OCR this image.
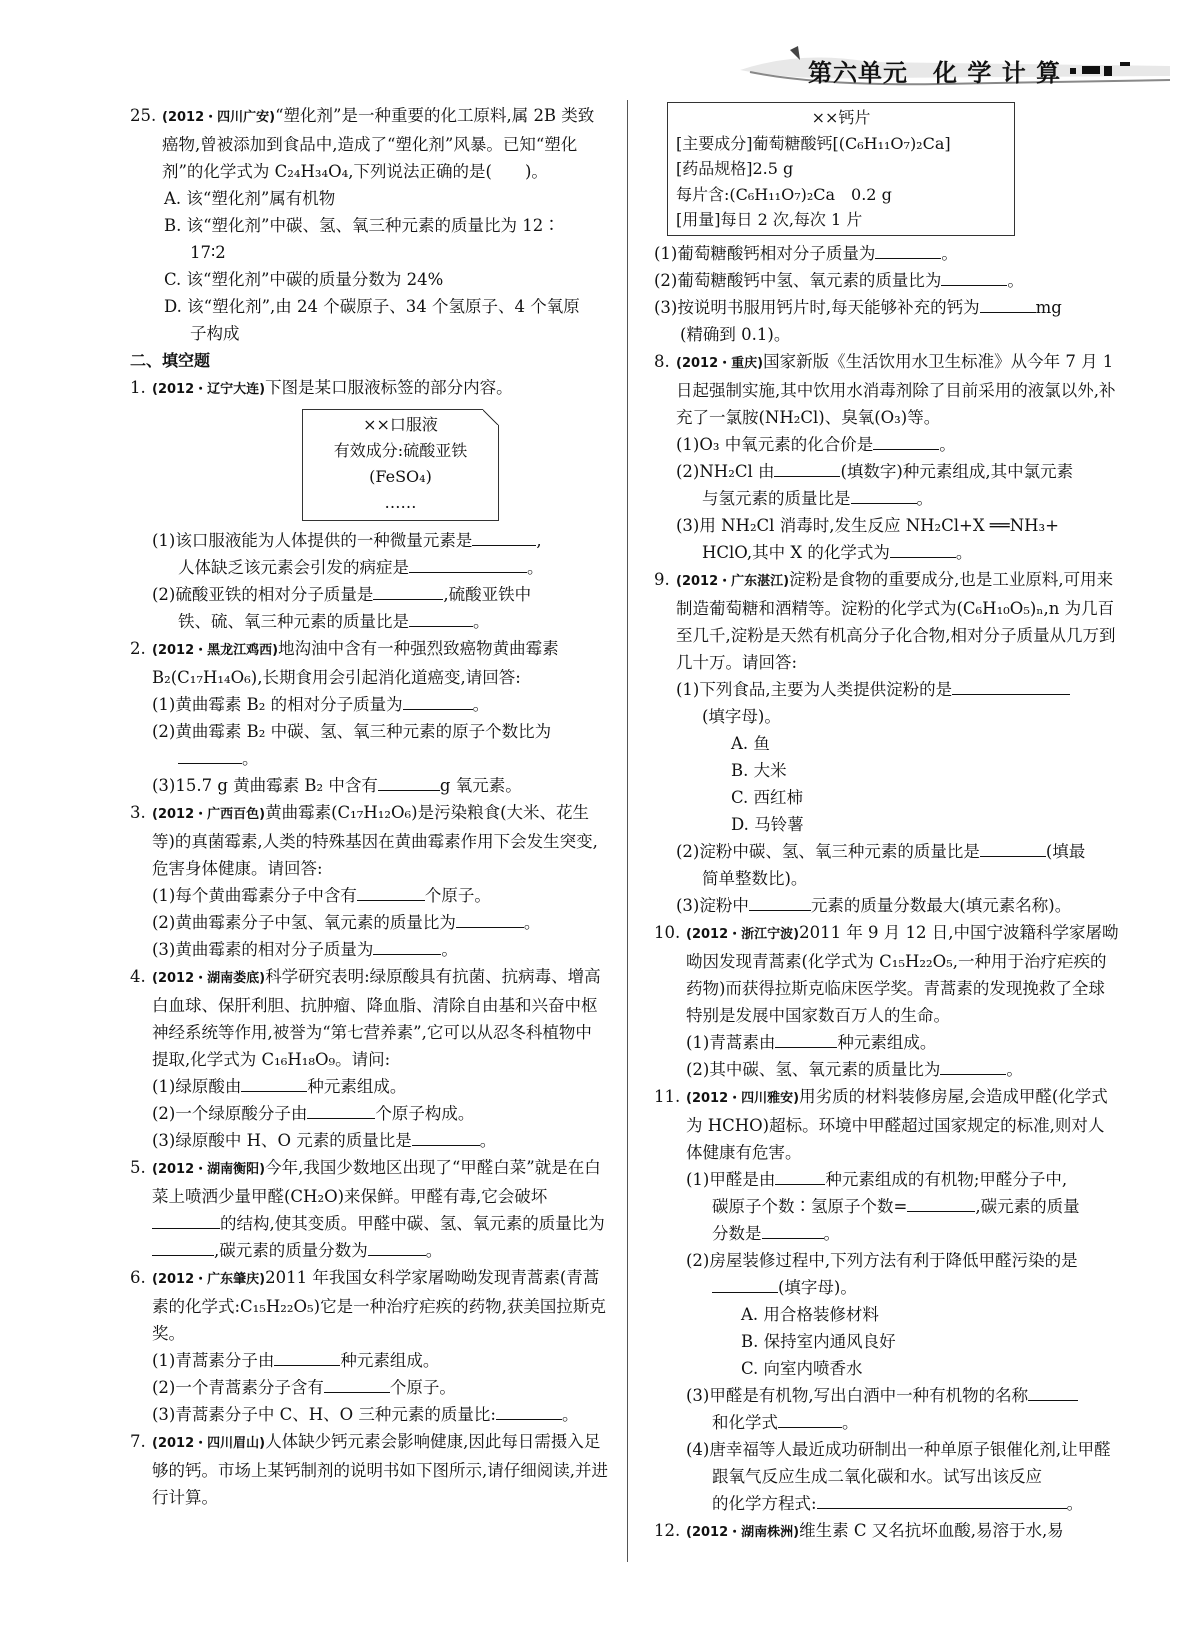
第六单元　化 学 计 算
25. (2012・四川广安)“塑化剂”是一种重要的化工原料,属 2B 类致癌物,曾被添加到食品中,造成了“塑化剂”风暴。已知“塑化剂”的化学式为 C₂₄H₃₄O₄,下列说法正确的是(　　)。

A. 该“塑化剂”属有机物

B. 该“塑化剂”中碳、氢、氧三种元素的质量比为 12∶

17∶2

C. 该“塑化剂”中碳的质量分数为 24%

D. 该“塑化剂”,由 24 个碳原子、34 个氢原子、4 个氧原

子构成

二、填空题

1. (2012・辽宁大连)下图是某口服液标签的部分内容。
××口服液
有效成分:硫酸亚铁(FeSO₄)
……

(1)该口服液能为人体提供的一种微量元素是	,

人体缺乏该元素会引发的病症是	。

(2)硫酸亚铁的相对分子质量是	,硫酸亚铁中

铁、硫、氧三种元素的质量比是	。

2. (2012・黑龙江鸡西)地沟油中含有一种强烈致癌物黄曲霉素 B₂(C₁₇H₁₄O₆),长期食用会引起消化道癌变,请回答:

(1)黄曲霉素 B₂ 的相对分子质量为	。

(2)黄曲霉素 B₂ 中碳、氢、氧三种元素的原子个数比为

。

(3)15.7 g 黄曲霉素 B₂ 中含有	g 氧元素。

3. (2012・广西百色)黄曲霉素(C₁₇H₁₂O₆)是污染粮食(大米、花生等)的真菌霉素,人类的特殊基因在黄曲霉素作用下会发生突变,危害身体健康。请回答:

(1)每个黄曲霉素分子中含有	个原子。

(2)黄曲霉素分子中氢、氧元素的质量比为	。

(3)黄曲霉素的相对分子质量为	。

4. (2012・湖南娄底)科学研究表明:绿原酸具有抗菌、抗病毒、增高白血球、保肝利胆、抗肿瘤、降血脂、清除自由基和兴奋中枢神经系统等作用,被誉为“第七营养素”,它可以从忍冬科植物中提取,化学式为 C₁₆H₁₈O₉。请问:

(1)绿原酸由	种元素组成。

(2)一个绿原酸分子由	个原子构成。

(3)绿原酸中 H、O 元素的质量比是	。

5. (2012・湖南衡阳)今年,我国少数地区出现了“甲醛白菜”就是在白菜上喷洒少量甲醛(CH₂O)来保鲜。甲醛有毒,它会破坏的结构,使其变质。甲醛中碳、氢、氧元素的质量比为,碳元素的质量分数为	。
6. (2012・广东肇庆)2011 年我国女科学家屠呦呦发现青蒿素(青蒿素的化学式:C₁₅H₂₂O₅)它是一种治疗疟疾的药物,获美国拉斯克奖。

(1)青蒿素分子由	种元素组成。

(2)一个青蒿素分子含有	个原子。

(3)青蒿素分子中 C、H、O 三种元素的质量比:	。

7. (2012・四川眉山)人体缺少钙元素会影响健康,因此每日需摄入足够的钙。市场上某钙制剂的说明书如下图所示,请仔细阅读,并进行计算。
××钙片
[主要成分]葡萄糖酸钙[(C₆H₁₁O₇)₂Ca]
[药品规格]2.5 g
每片含:(C₆H₁₁O₇)₂Ca　0.2 g
[用量]每日 2 次,每次 1 片

(1)葡萄糖酸钙相对分子质量为	。

(2)葡萄糖酸钙中氢、氧元素的质量比为	。

(3)按说明书服用钙片时,每天能够补充的钙为	mg

(精确到 0.1)。

8. (2012・重庆)国家新版《生活饮用水卫生标准》从今年 7 月 1 日起强制实施,其中饮用水消毒剂除了目前采用的液氯以外,补充了一氯胺(NH₂Cl)、臭氧(O₃)等。

(1)O₃ 中氧元素的化合价是	。

(2)NH₂Cl 由	(填数字)种元素组成,其中氯元素

与氢元素的质量比是	。

(3)用 NH₂Cl 消毒时,发生反应 NH₂Cl+X ══NH₃+

HClO,其中 X 的化学式为	。

9. (2012・广东湛江)淀粉是食物的重要成分,也是工业原料,可用来制造葡萄糖和酒精等。淀粉的化学式为(C₆H₁₀O₅)ₙ,n 为几百至几千,淀粉是天然有机高分子化合物,相对分子质量从几万到几十万。请回答:

(1)下列食品,主要为人类提供淀粉的是

(填字母)。

A. 鱼

B. 大米

C. 西红柿

D. 马铃薯

(2)淀粉中碳、氢、氧三种元素的质量比是	(填最

简单整数比)。

(3)淀粉中	元素的质量分数最大(填元素名称)。

10. (2012・浙江宁波)2011 年 9 月 12 日,中国宁波籍科学家屠呦呦因发现青蒿素(化学式为 C₁₅H₂₂O₅,一种用于治疗疟疾的药物)而获得拉斯克临床医学奖。青蒿素的发现挽救了全球特别是发展中国家数百万人的生命。

(1)青蒿素由	种元素组成。

(2)其中碳、氢、氧元素的质量比为	。

11. (2012・四川雅安)用劣质的材料装修房屋,会造成甲醛(化学式为 HCHO)超标。环境中甲醛超过国家规定的标准,则对人体健康有危害。

(1)甲醛是由	种元素组成的有机物;甲醛分子中,

碳原子个数∶氢原子个数=	,碳元素的质量

分数是	。

(2)房屋装修过程中,下列方法有利于降低甲醛污染的是

(填字母)。

A. 用合格装修材料

B. 保持室内通风良好

C. 向室内喷香水

(3)甲醛是有机物,写出白酒中一种有机物的名称

和化学式	。

(4)唐幸福等人最近成功研制出一种单原子银催化剂,让甲醛跟氧气反应生成二氧化碳和水。试写出该反应

的化学方程式:	。

12. (2012・湖南株洲)维生素 C 又名抗坏血酸,易溶于水,易
